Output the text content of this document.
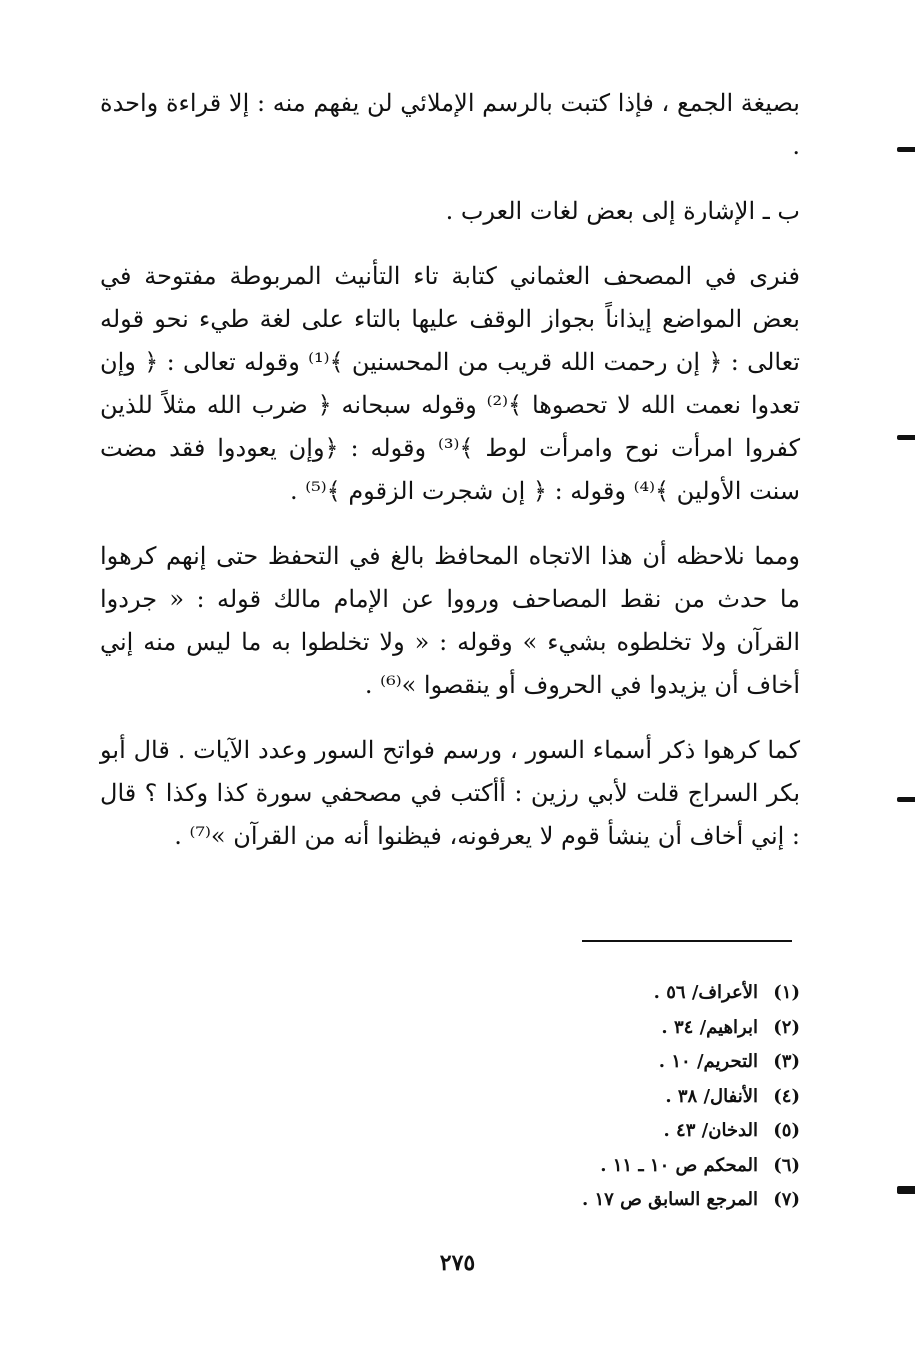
بصيغة الجمع ، فإذا كتبت بالرسم الإملائي لن يفهم منه : إلا قراءة واحدة .

ب ـ الإشارة إلى بعض لغات العرب .

فنرى في المصحف العثماني كتابة تاء التأنيث المربوطة مفتوحة في بعض المواضع إيذاناً بجواز الوقف عليها بالتاء على لغة طيء نحو قوله تعالى : ﴿ إن رحمت الله قريب من المحسنين ﴾⁽¹⁾ وقوله تعالى : ﴿ وإن تعدوا نعمت الله لا تحصوها ﴾⁽²⁾ وقوله سبحانه ﴿ ضرب الله مثلاً للذين كفروا امرأت نوح وامرأت لوط ﴾⁽³⁾ وقوله : ﴿وإن يعودوا فقد مضت سنت الأولين ﴾⁽⁴⁾ وقوله : ﴿ إن شجرت الزقوم ﴾⁽⁵⁾ .

ومما نلاحظه أن هذا الاتجاه المحافظ بالغ في التحفظ حتى إنهم كرهوا ما حدث من نقط المصاحف ورووا عن الإمام مالك قوله : « جردوا القرآن ولا تخلطوه بشيء » وقوله : « ولا تخلطوا به ما ليس منه إني أخاف أن يزيدوا في الحروف أو ينقصوا »⁽⁶⁾ .

كما كرهوا ذكر أسماء السور ، ورسم فواتح السور وعدد الآيات . قال أبو بكر السراج قلت لأبي رزين : أأكتب في مصحفي سورة كذا وكذا ؟ قال : إني أخاف أن ينشأ قوم لا يعرفونه، فيظنوا أنه من القرآن »⁽⁷⁾ .

(١)الأعراف/ ٥٦ .
(٢)ابراهيم/ ٣٤ .
(٣)التحريم/ ١٠ .
(٤)الأنفال/ ٣٨ .
(٥)الدخان/ ٤٣ .
(٦)المحكم ص ١٠ ـ ١١ .
(٧)المرجع السابق ص ١٧ .
٢٧٥
